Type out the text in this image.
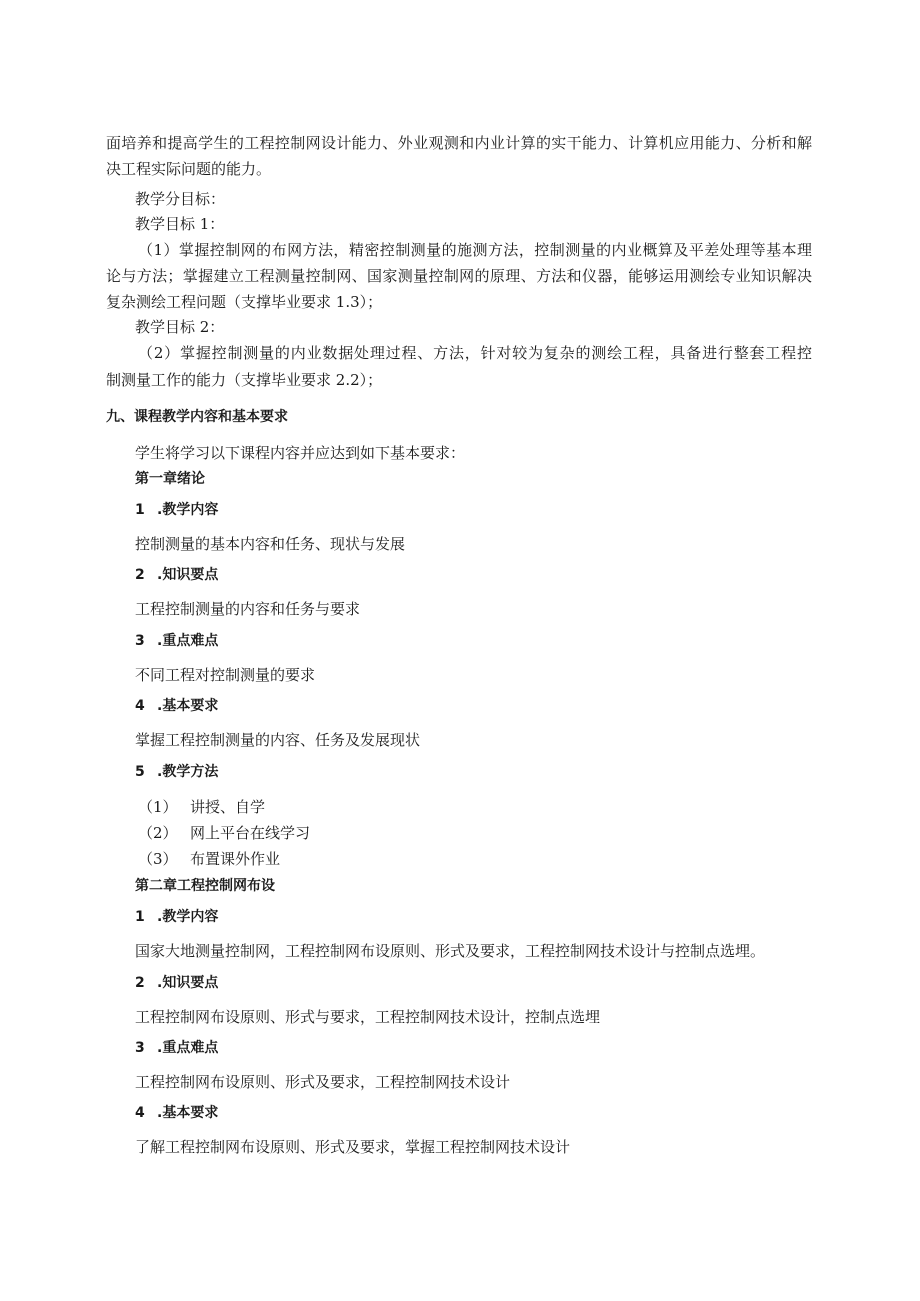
面培养和提高学生的工程控制网设计能力、外业观测和内业计算的实干能力、计算机应用能力、分析和解
决工程实际问题的能力。
教学分目标：
教学目标 1：
（1）掌握控制网的布网方法，精密控制测量的施测方法，控制测量的内业概算及平差处理等基本理
论与方法；掌握建立工程测量控制网、国家测量控制网的原理、方法和仪器，能够运用测绘专业知识解决
复杂测绘工程问题（支撑毕业要求 1.3）；
教学目标 2：
（2）掌握控制测量的内业数据处理过程、方法，针对较为复杂的测绘工程，具备进行整套工程控
制测量工作的能力（支撑毕业要求 2.2）；
九、课程教学内容和基本要求
学生将学习以下课程内容并应达到如下基本要求：
第一章绪论
1 .教学内容
控制测量的基本内容和任务、现状与发展
2 .知识要点
工程控制测量的内容和任务与要求
3 .重点难点
不同工程对控制测量的要求
4 .基本要求
掌握工程控制测量的内容、任务及发展现状
5 .教学方法
（1） 讲授、自学
（2） 网上平台在线学习
（3） 布置课外作业
第二章工程控制网布设
1 .教学内容
国家大地测量控制网，工程控制网布设原则、形式及要求，工程控制网技术设计与控制点选埋。
2 .知识要点
工程控制网布设原则、形式与要求，工程控制网技术设计，控制点选埋
3 .重点难点
工程控制网布设原则、形式及要求，工程控制网技术设计
4 .基本要求
了解工程控制网布设原则、形式及要求，掌握工程控制网技术设计
